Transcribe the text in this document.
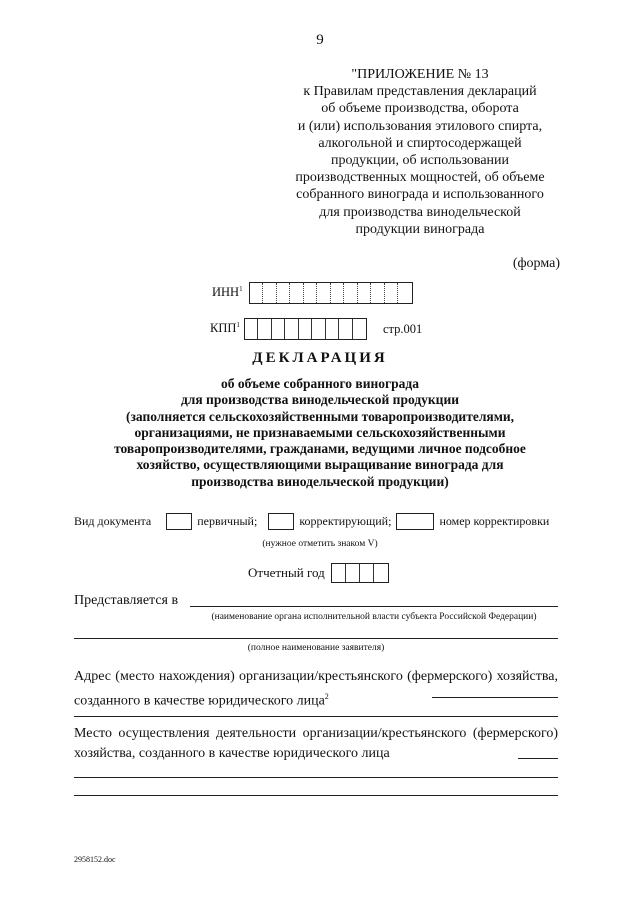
9
"ПРИЛОЖЕНИЕ № 13
к Правилам представления деклараций
об объеме производства, оборота
и (или) использования этилового спирта,
алкогольной и спиртосодержащей
продукции, об использовании
производственных мощностей, об объеме
собранного винограда и использованного
для производства винодельческой
продукции винограда
(форма)
ИНН$^1$
КПП$^1$	стр.001
ДЕКЛАРАЦИЯ
об объеме собранного винограда
для производства винодельческой продукции
(заполняется сельскохозяйственными товаропроизводителями,
организациями, не признаваемыми сельскохозяйственными
товаропроизводителями, гражданами, ведущими личное подсобное
хозяйство, осуществляющими выращивание винограда для
производства винодельческой продукции)
Вид документа	первичный;	корректирующий;	номер корректировки
(нужное отметить знаком V)
Отчетный год
Представляется в
(наименование органа исполнительной власти субъекта Российской Федерации)
(полное наименование заявителя)
Адрес (место нахождения) организации/крестьянского (фермерского) хозяйства, созданного в качестве юридического лица$^2$
Место осуществления деятельности организации/крестьянского (фермерского) хозяйства, созданного в качестве юридического лица
2958152.doc
